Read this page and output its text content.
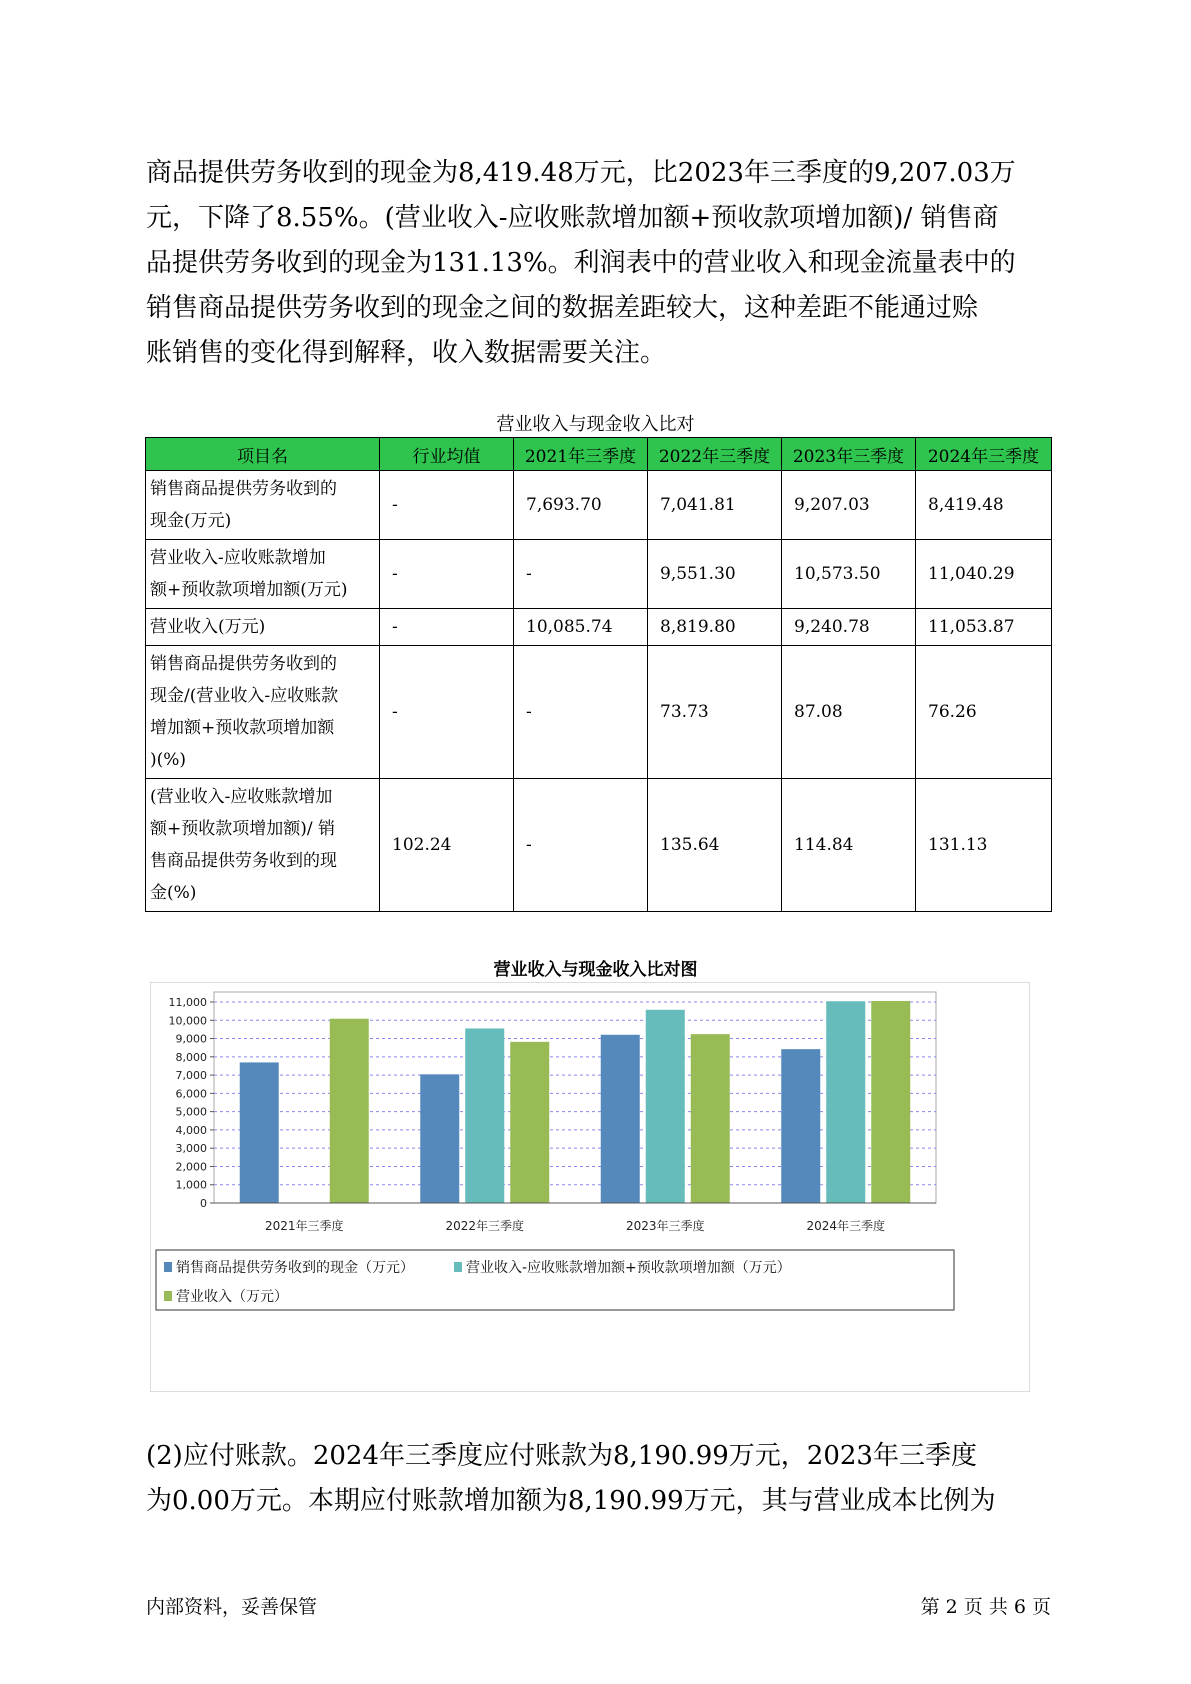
商品提供劳务收到的现金为8,419.48万元，比2023年三季度的9,207.03万
元，下降了8.55%。(营业收入-应收账款增加额+预收款项增加额)/ 销售商
品提供劳务收到的现金为131.13%。利润表中的营业收入和现金流量表中的
销售商品提供劳务收到的现金之间的数据差距较大，这种差距不能通过赊
账销售的变化得到解释，收入数据需要关注。
营业收入与现金收入比对
项目名	行业均值	2021年三季度	2022年三季度	2023年三季度	2024年三季度
销售商品提供劳务收到的
现金(万元)	-	7,693.70	7,041.81	9,207.03	8,419.48
营业收入-应收账款增加
额+预收款项增加额(万元)	-	-	9,551.30	10,573.50	11,040.29
营业收入(万元)	-	10,085.74	8,819.80	9,240.78	11,053.87
销售商品提供劳务收到的
现金/(营业收入-应收账款
增加额+预收款项增加额
)(%)	-	-	73.73	87.08	76.26
(营业收入-应收账款增加
额+预收款项增加额)/ 销
售商品提供劳务收到的现
金(%)	102.24	-	135.64	114.84	131.13
营业收入与现金收入比对图
0
1,000
2,000
3,000
4,000
5,000
6,000
7,000
8,000
9,000
10,000
11,000
2021年三季度	2022年三季度	2023年三季度	2024年三季度
销售商品提供劳务收到的现金（万元）	营业收入-应收账款增加额+预收款项增加额（万元）
营业收入（万元）
(2)应付账款。2024年三季度应付账款为8,190.99万元，2023年三季度
为0.00万元。本期应付账款增加额为8,190.99万元，其与营业成本比例为
内部资料，妥善保管	第 2 页 共 6 页
